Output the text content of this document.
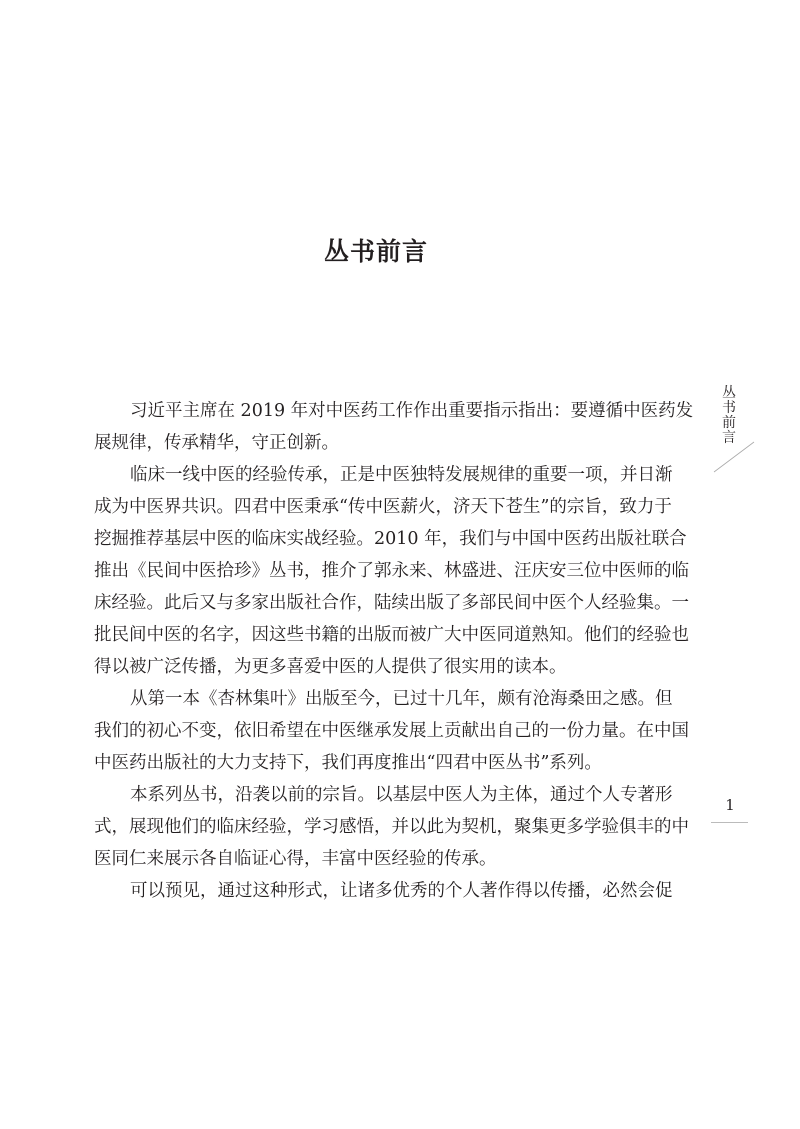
丛书前言
习近平主席在 2019 年对中医药工作作出重要指示指出：要遵循中医药发
展规律，传承精华，守正创新。
临床一线中医的经验传承，正是中医独特发展规律的重要一项，并日渐
成为中医界共识。四君中医秉承“传中医薪火，济天下苍生”的宗旨，致力于
挖掘推荐基层中医的临床实战经验。2010 年，我们与中国中医药出版社联合
推出《民间中医拾珍》丛书，推介了郭永来、林盛进、汪庆安三位中医师的临
床经验。此后又与多家出版社合作，陆续出版了多部民间中医个人经验集。一
批民间中医的名字，因这些书籍的出版而被广大中医同道熟知。他们的经验也
得以被广泛传播，为更多喜爱中医的人提供了很实用的读本。
从第一本《杏林集叶》出版至今，已过十几年，颇有沧海桑田之感。但
我们的初心不变，依旧希望在中医继承发展上贡献出自己的一份力量。在中国
中医药出版社的大力支持下，我们再度推出“四君中医丛书”系列。
本系列丛书，沿袭以前的宗旨。以基层中医人为主体，通过个人专著形
式，展现他们的临床经验，学习感悟，并以此为契机，聚集更多学验俱丰的中
医同仁来展示各自临证心得，丰富中医经验的传承。
可以预见，通过这种形式，让诸多优秀的个人著作得以传播，必然会促
丛书前言
1
